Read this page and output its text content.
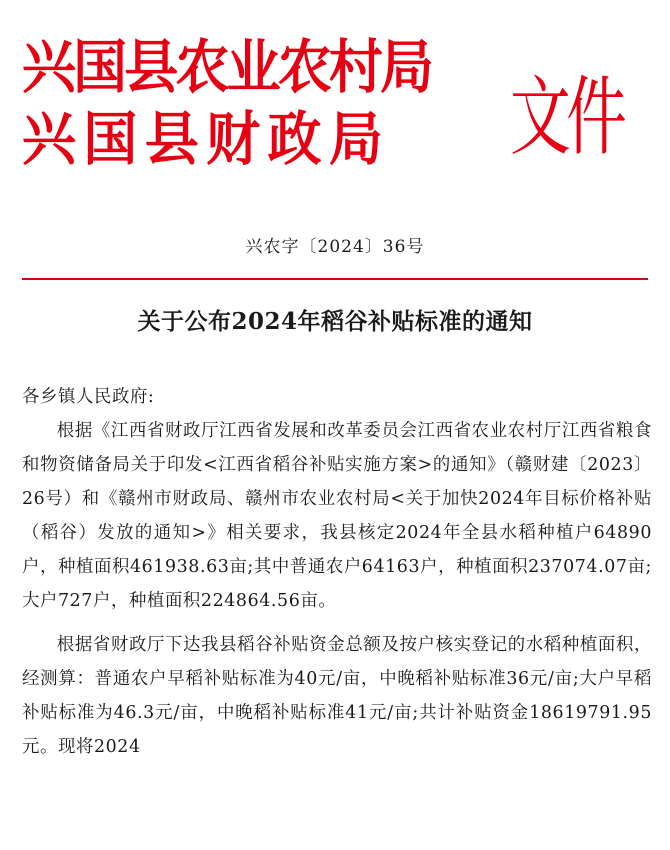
兴国县农业农村局
兴国县财政局 文件
兴农字〔2024〕36号
关于公布2024年稻谷补贴标准的通知

各乡镇人民政府:

根据《江西省财政厅江西省发展和改革委员会江西省农业农村厅江西省粮食和物资储备局关于印发<江西省稻谷补贴实施方案>的通知》（赣财建〔2023〕26号）和《赣州市财政局、赣州市农业农村局<关于加快2024年目标价格补贴（稻谷）发放的通知>》相关要求，我县核定2024年全县水稻种植户64890户，种植面积461938.63亩;其中普通农户64163户，种植面积237074.07亩;大户727户，种植面积224864.56亩。

根据省财政厅下达我县稻谷补贴资金总额及按户核实登记的水稻种植面积，经测算：普通农户早稻补贴标准为40元/亩，中晚稻补贴标准36元/亩;大户早稻补贴标准为46.3元/亩，中晚稻补贴标准41元/亩;共计补贴资金18619791.95元。现将2024
